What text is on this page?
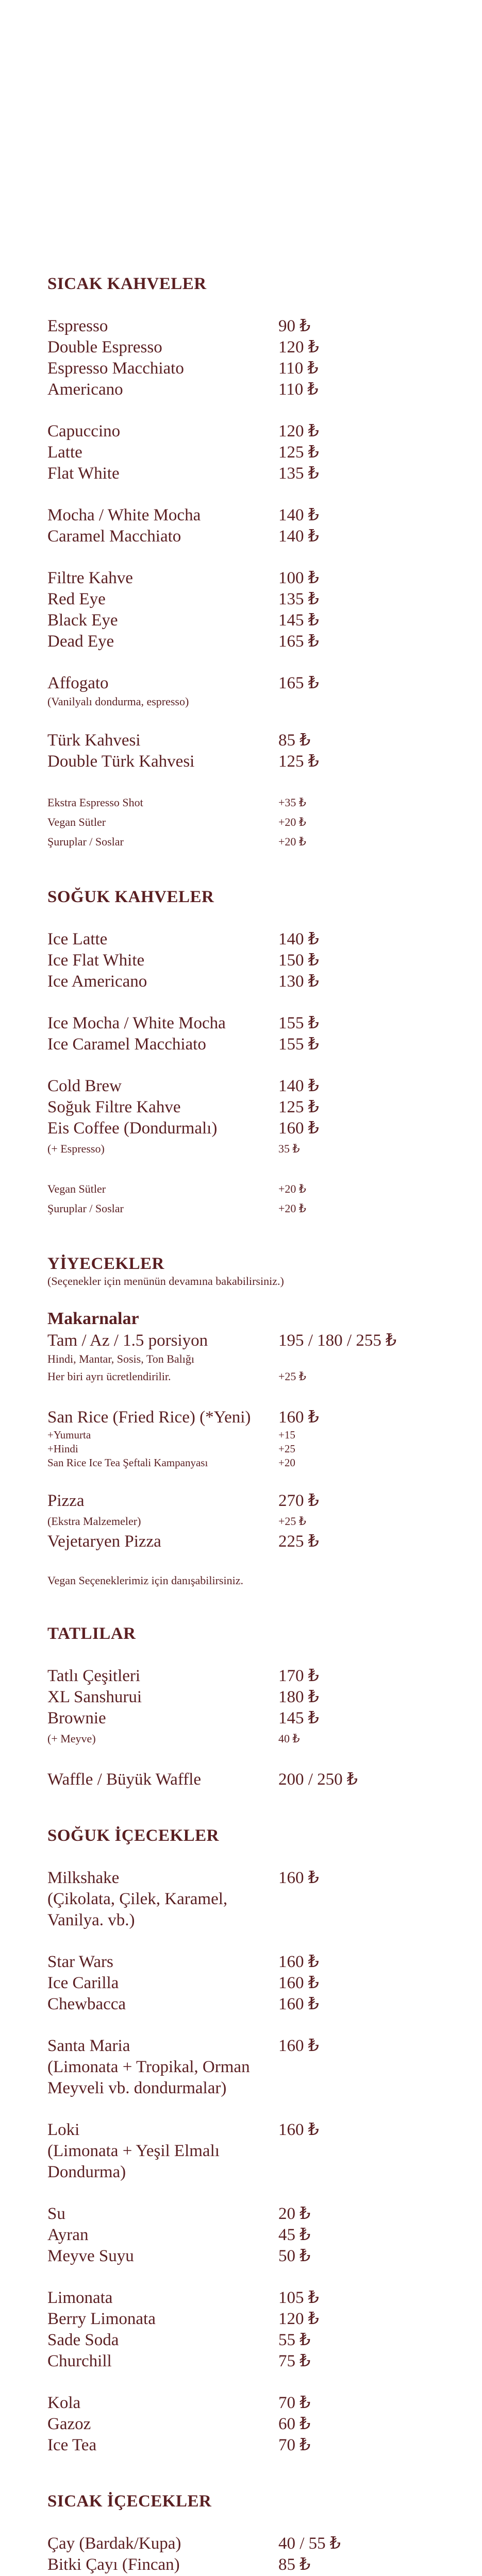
SICAK KAHVELER
Espresso	90 ₺
Double Espresso	120 ₺
Espresso Macchiato	110 ₺
Americano	110 ₺
Capuccino	120 ₺
Latte	125 ₺
Flat White	135 ₺
Mocha / White Mocha	140 ₺
Caramel Macchiato	140 ₺
Filtre Kahve	100 ₺
Red Eye	135 ₺
Black Eye	145 ₺
Dead Eye	165 ₺
Affogato	165 ₺
(Vanilyalı dondurma, espresso)
Türk Kahvesi	85 ₺
Double Türk Kahvesi	125 ₺
Ekstra Espresso Shot	+35 ₺
Vegan Sütler	+20 ₺
Şuruplar / Soslar	+20 ₺
SOĞUK KAHVELER
Ice Latte	140 ₺
Ice Flat White	150 ₺
Ice Americano	130 ₺
Ice Mocha / White Mocha	155 ₺
Ice Caramel Macchiato	155 ₺
Cold Brew	140 ₺
Soğuk Filtre Kahve	125 ₺
Eis Coffee (Dondurmalı)	160 ₺
(+ Espresso)	35 ₺
Vegan Sütler	+20 ₺
Şuruplar / Soslar	+20 ₺
YİYECEKLER
(Seçenekler için menünün devamına bakabilirsiniz.)
Makarnalar
Tam / Az / 1.5 porsiyon	195 / 180 / 255 ₺
Hindi, Mantar, Sosis, Ton Balığı
Her biri ayrı ücretlendirilir.	+25 ₺
San Rice (Fried Rice) (*Yeni)	160 ₺
+Yumurta	+15
+Hindi	+25
San Rice Ice Tea Şeftali Kampanyası	+20
Pizza	270 ₺
(Ekstra Malzemeler)	+25 ₺
Vejetaryen Pizza	225 ₺
Vegan Seçeneklerimiz için danışabilirsiniz.
TATLILAR
Tatlı Çeşitleri	170 ₺
XL Sanshurui	180 ₺
Brownie	145 ₺
(+ Meyve)	40 ₺
Waffle / Büyük Waffle	200 / 250 ₺
SOĞUK İÇECEKLER
Milkshake	160 ₺
(Çikolata, Çilek, Karamel, Vanilya. vb.)
Star Wars	160 ₺
Ice Carilla	160 ₺
Chewbacca	160 ₺
Santa Maria	160 ₺
(Limonata + Tropikal, Orman Meyveli vb. dondurmalar)
Loki	160 ₺
(Limonata + Yeşil Elmalı Dondurma)
Su	20 ₺
Ayran	45 ₺
Meyve Suyu	50 ₺
Limonata	105 ₺
Berry Limonata	120 ₺
Sade Soda	55 ₺
Churchill	75 ₺
Kola	70 ₺
Gazoz	60 ₺
Ice Tea	70 ₺
SICAK İÇECEKLER
Çay (Bardak/Kupa)	40 / 55 ₺
Bitki Çayı (Fincan)	85 ₺
